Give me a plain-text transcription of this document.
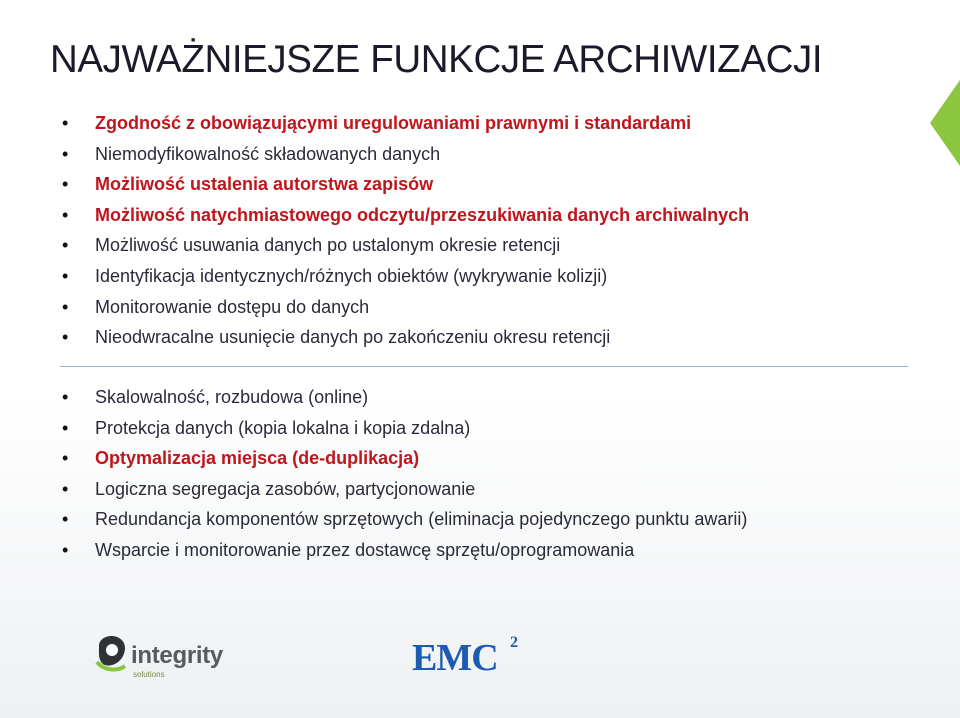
NAJWAŻNIEJSZE FUNKCJE ARCHIWIZACJI
• Zgodność z obowiązującymi uregulowaniami prawnymi i standardami
• Niemodyfikowalność składowanych danych
• Możliwość ustalenia autorstwa zapisów
• Możliwość natychmiastowego odczytu/przeszukiwania danych archiwalnych
• Możliwość usuwania danych po ustalonym okresie retencji
• Identyfikacja identycznych/różnych obiektów (wykrywanie kolizji)
• Monitorowanie dostępu do danych
• Nieodwracalne usunięcie danych po zakończeniu okresu retencji
• Skalowalność, rozbudowa (online)
• Protekcja danych (kopia lokalna i kopia zdalna)
• Optymalizacja miejsca (de-duplikacja)
• Logiczna segregacja zasobów, partycjonowanie
• Redundancja komponentów sprzętowych (eliminacja pojedynczego punktu awarii)
• Wsparcie i monitorowanie przez dostawcę sprzętu/oprogramowania
integrity
solutions	EMC 2
